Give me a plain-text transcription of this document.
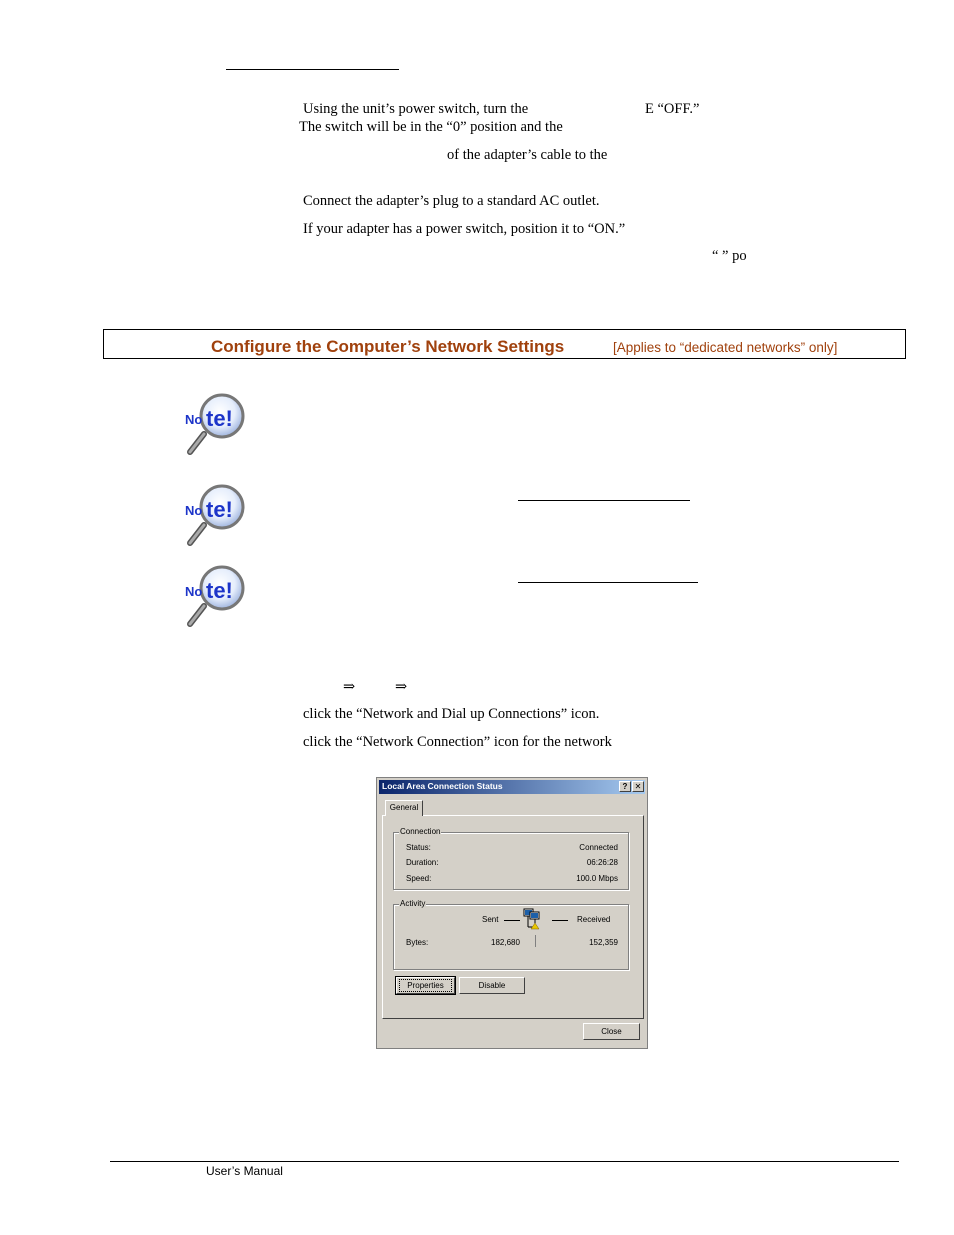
Using the unit’s power switch, turn the	E “OFF.”
The switch will be in the “0” position and the
of the adapter’s cable to the
Connect the adapter’s plug to a standard AC outlet.
If your adapter has a power switch, position it to “ON.”
“ ” po
Configure the Computer’s Network Settings	[Applies to “dedicated networks” only]
No te!
No te!
No te!
⇒           ⇒
click the “Network and Dial up Connections” icon.
click the “Network Connection” icon for the network
Local Area Connection Status	? ✕
General
Connection
Status:	Connected
Duration:	06:26:28
Speed:	100.0 Mbps
Activity
Sent	Received
Bytes:	182,680	152,359
Properties	Disable
Close
User’s Manual
